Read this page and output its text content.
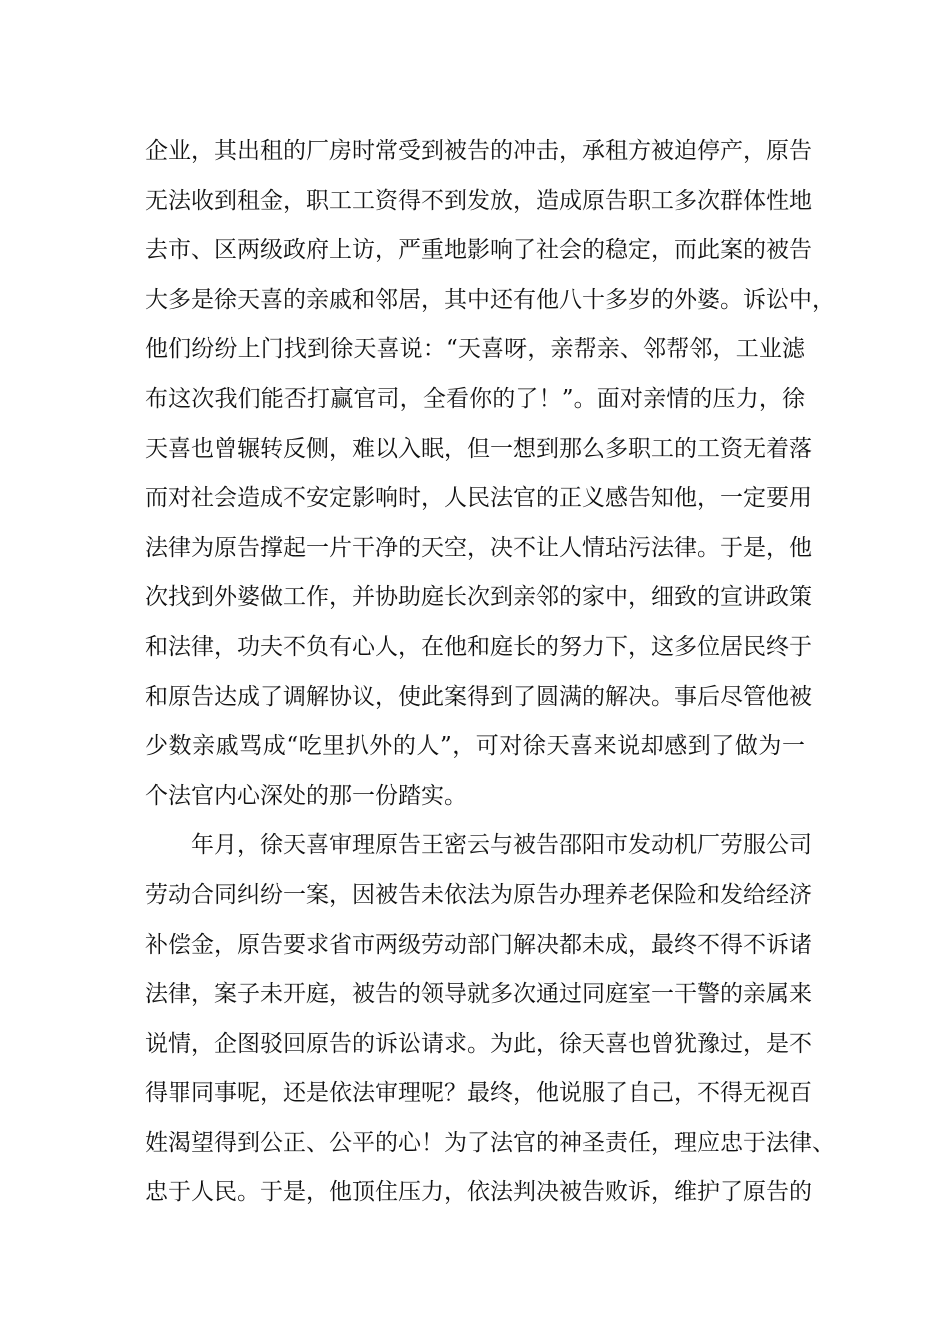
企业，其出租的厂房时常受到被告的冲击，承租方被迫停产，原告
无法收到租金，职工工资得不到发放，造成原告职工多次群体性地
去市、区两级政府上访，严重地影响了社会的稳定，而此案的被告
大多是徐天喜的亲戚和邻居，其中还有他八十多岁的外婆。诉讼中，
他们纷纷上门找到徐天喜说：“天喜呀，亲帮亲、邻帮邻，工业滤
布这次我们能否打赢官司，全看你的了！”。面对亲情的压力，徐
天喜也曾辗转反侧，难以入眠，但一想到那么多职工的工资无着落
而对社会造成不安定影响时，人民法官的正义感告知他，一定要用
法律为原告撑起一片干净的天空，决不让人情玷污法律。于是，他
次找到外婆做工作，并协助庭长次到亲邻的家中，细致的宣讲政策
和法律，功夫不负有心人，在他和庭长的努力下，这多位居民终于
和原告达成了调解协议，使此案得到了圆满的解决。事后尽管他被
少数亲戚骂成“吃里扒外的人”，可对徐天喜来说却感到了做为一
个法官内心深处的那一份踏实。
年月，徐天喜审理原告王密云与被告邵阳市发动机厂劳服公司
劳动合同纠纷一案，因被告未依法为原告办理养老保险和发给经济
补偿金，原告要求省市两级劳动部门解决都未成，最终不得不诉诸
法律，案子未开庭，被告的领导就多次通过同庭室一干警的亲属来
说情，企图驳回原告的诉讼请求。为此，徐天喜也曾犹豫过，是不
得罪同事呢，还是依法审理呢？最终，他说服了自己，不得无视百
姓渴望得到公正、公平的心！为了法官的神圣责任，理应忠于法律、
忠于人民。于是，他顶住压力，依法判决被告败诉，维护了原告的
